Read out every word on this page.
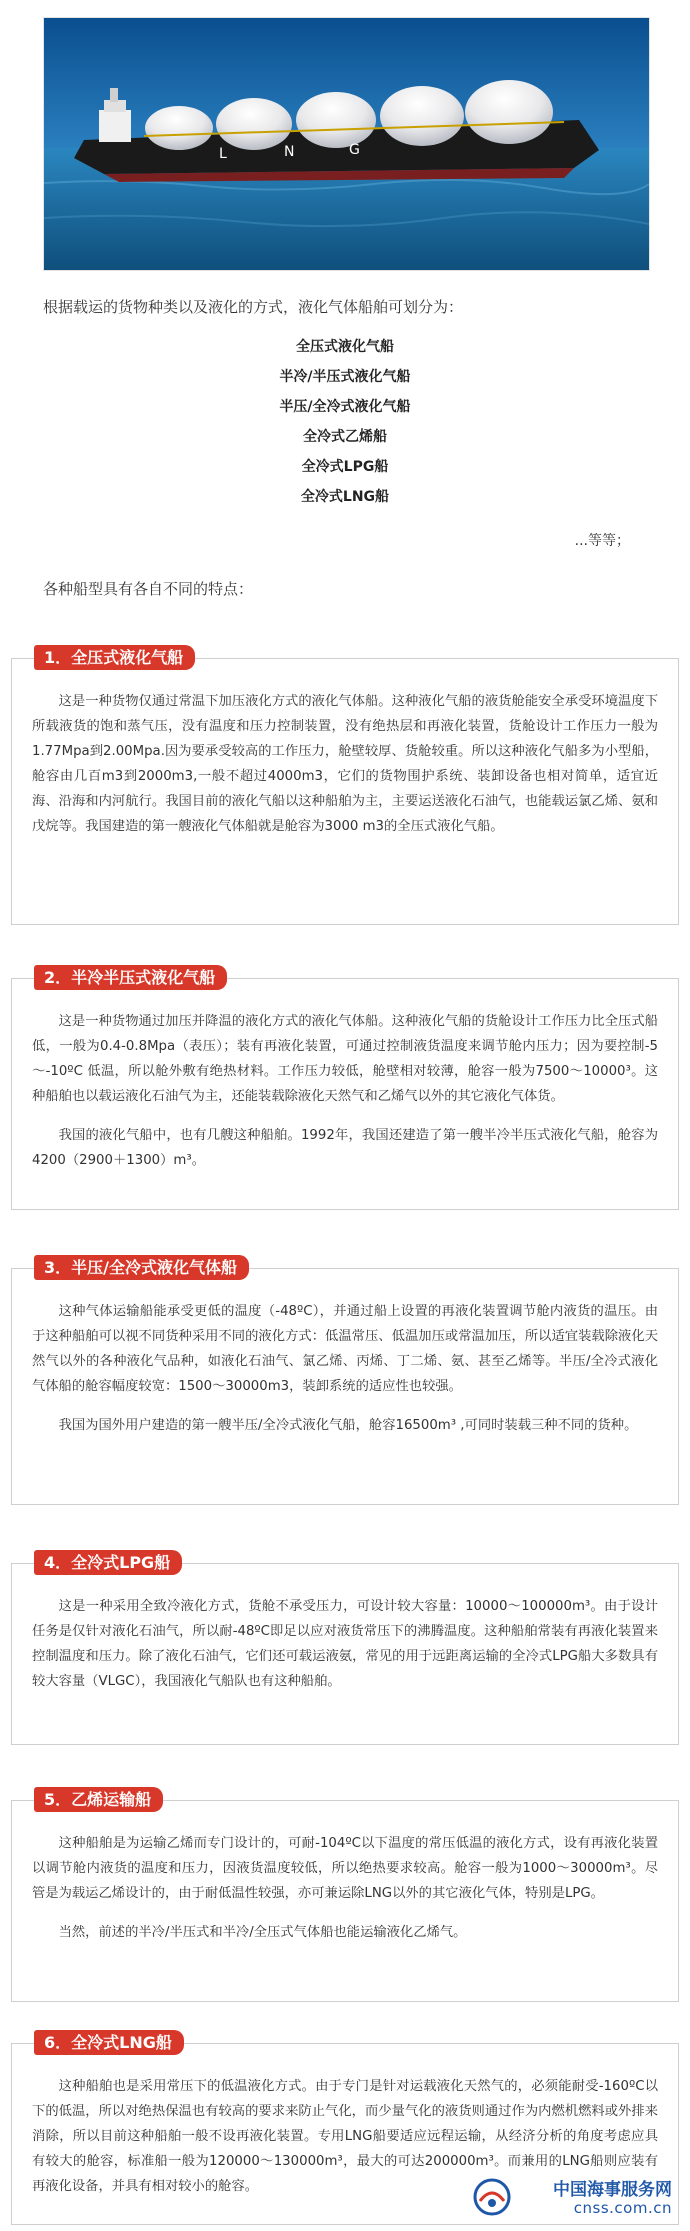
L	N	G
根据载运的货物种类以及液化的方式，液化气体船舶可划分为：
全压式液化气船
半冷/半压式液化气船
半压/全冷式液化气船
全冷式乙烯船
全冷式LPG船
全冷式LNG船
...等等；
各种船型具有各自不同的特点：
1．全压式液化气船

这是一种货物仅通过常温下加压液化方式的液化气体船。这种液化气船的液货舱能安全承受环境温度下所载液货的饱和蒸气压，没有温度和压力控制装置，没有绝热层和再液化装置，货舱设计工作压力一般为1.77Mpa到2.00Mpa.因为要承受较高的工作压力，舱壁较厚、货舱较重。所以这种液化气船多为小型船，舱容由几百m3到2000m3,一般不超过4000m3，它们的货物围护系统、装卸设备也相对简单，适宜近海、沿海和内河航行。我国目前的液化气船以这种船舶为主，主要运送液化石油气，也能载运氯乙烯、氨和戊烷等。我国建造的第一艘液化气体船就是舱容为3000 m3的全压式液化气船。

2．半冷半压式液化气船

这是一种货物通过加压并降温的液化方式的液化气体船。这种液化气船的货舱设计工作压力比全压式船低，一般为0.4-0.8Mpa（表压）；装有再液化装置，可通过控制液货温度来调节舱内压力；因为要控制-5～-10ºC 低温，所以舱外敷有绝热材料。工作压力较低，舱壁相对较薄，舱容一般为7500～10000³。这种船舶也以载运液化石油气为主，还能装载除液化天然气和乙烯气以外的其它液化气体货。

我国的液化气船中，也有几艘这种船舶。1992年，我国还建造了第一艘半冷半压式液化气船，舱容为4200（2900＋1300）m³。

3．半压/全冷式液化气体船

这种气体运输船能承受更低的温度（-48ºC），并通过船上设置的再液化装置调节舱内液货的温压。由于这种船舶可以视不同货种采用不同的液化方式：低温常压、低温加压或常温加压，所以适宜装载除液化天然气以外的各种液化气品种，如液化石油气、氯乙烯、丙烯、丁二烯、氨、甚至乙烯等。半压/全冷式液化气体船的舱容幅度较宽：1500～30000m3，装卸系统的适应性也较强。

我国为国外用户建造的第一艘半压/全冷式液化气船，舱容16500m³ ,可同时装载三种不同的货种。

4．全冷式LPG船

这是一种采用全致冷液化方式，货舱不承受压力，可设计较大容量：10000～100000m³。由于设计任务是仅针对液化石油气，所以耐-48ºC即足以应对液货常压下的沸腾温度。这种船舶常装有再液化装置来控制温度和压力。除了液化石油气，它们还可载运液氨，常见的用于远距离运输的全冷式LPG船大多数具有较大容量（VLGC），我国液化气船队也有这种船舶。

5．乙烯运输船

这种船舶是为运输乙烯而专门设计的，可耐-104ºC以下温度的常压低温的液化方式，设有再液化装置以调节舱内液货的温度和压力，因液货温度较低，所以绝热要求较高。舱容一般为1000～30000m³。尽管是为载运乙烯设计的，由于耐低温性较强，亦可兼运除LNG以外的其它液化气体，特别是LPG。

当然，前述的半冷/半压式和半冷/全压式气体船也能运输液化乙烯气。

6．全冷式LNG船

这种船舶也是采用常压下的低温液化方式。由于专门是针对运载液化天然气的，必须能耐受-160ºC以下的低温，所以对绝热保温也有较高的要求来防止气化，而少量气化的液货则通过作为内燃机燃料或外排来消除，所以目前这种船舶一般不设再液化装置。专用LNG船要适应远程运输，从经济分析的角度考虑应具有较大的舱容，标准船一般为120000～130000m³，最大的可达200000m³。而兼用的LNG船则应装有再液化设备，并具有相对较小的舱容。	中国海事服务网
cnss.com.cn
